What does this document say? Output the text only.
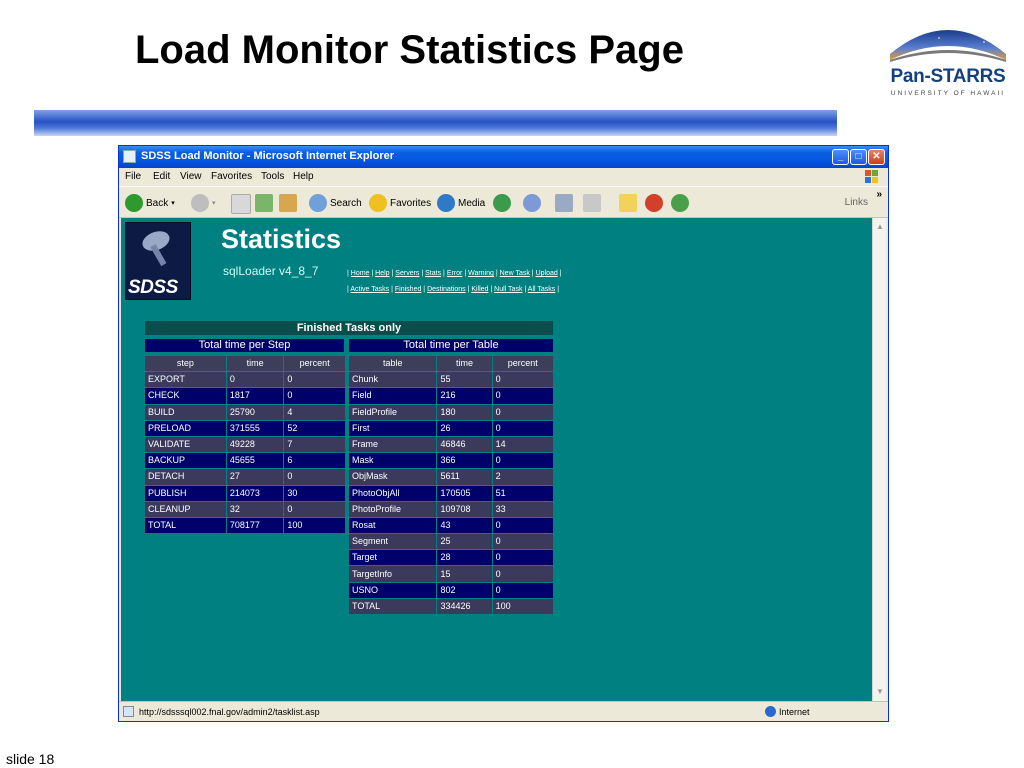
Load Monitor Statistics Page
Pan-STARRS
UNIVERSITY OF HAWAII
SDSS Load Monitor - Microsoft Internet Explorer	_	□	✕
File Edit View Favorites Tools Help
Back ▾	▾	Search	Favorites	Media	Links
»
SDSS
Statistics
sqlLoader v4_8_7	| Home | Help | Servers | Stats | Error | Warning | New Task | Upload |
| Active Tasks | Finished | Destinations | Killed | Null Task | All Tasks |
Finished Tasks only
Total time per Step	Total time per Table
step	time	percent
EXPORT	0	0
CHECK	1817	0
BUILD	25790	4
PRELOAD	371555	52
VALIDATE	49228	7
BACKUP	45655	6
DETACH	27	0
PUBLISH	214073	30
CLEANUP	32	0
TOTAL	708177	100
table	time	percent
Chunk	55	0
Field	216	0
FieldProfile	180	0
First	26	0
Frame	46846	14
Mask	366	0
ObjMask	5611	2
PhotoObjAll	170505	51
PhotoProfile	109708	33
Rosat	43	0
Segment	25	0
Target	28	0
TargetInfo	15	0
USNO	802	0
TOTAL	334426	100
▲
▼
http://sdsssql002.fnal.gov/admin2/tasklist.asp	Internet
slide 18
